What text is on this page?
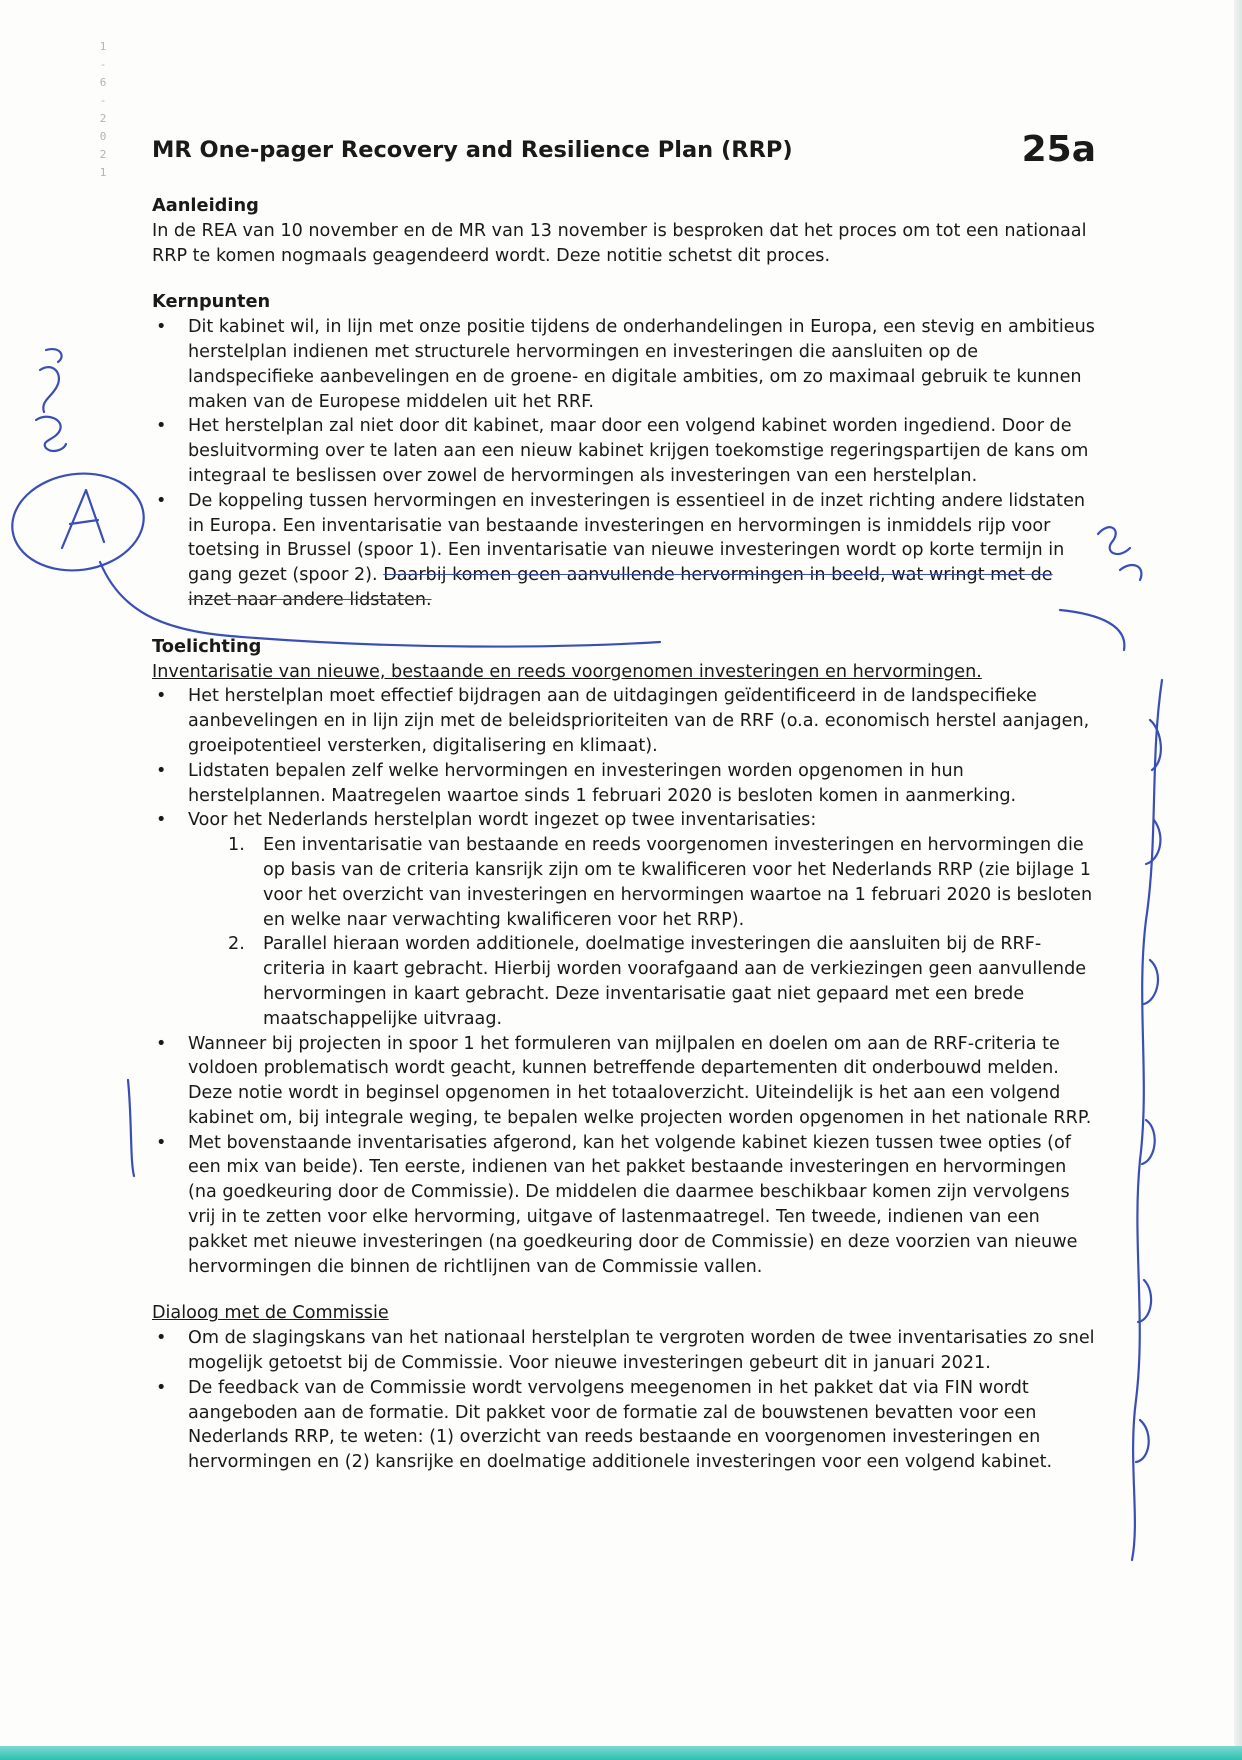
1
-
6
-
2
0
2
1
MR One-pager Recovery and Resilience Plan (RRP)	25a
Aanleiding

In de REA van 10 november en de MR van 13 november is besproken dat het proces om tot een nationaal RRP te komen nogmaals geagendeerd wordt. Deze notitie schetst dit proces.

Kernpunten
• Dit kabinet wil, in lijn met onze positie tijdens de onderhandelingen in Europa, een stevig en ambitieus herstelplan indienen met structurele hervormingen en investeringen die aansluiten op de landspecifieke aanbevelingen en de groene- en digitale ambities, om zo maximaal gebruik te kunnen maken van de Europese middelen uit het RRF.
• Het herstelplan zal niet door dit kabinet, maar door een volgend kabinet worden ingediend. Door de besluitvorming over te laten aan een nieuw kabinet krijgen toekomstige regeringspartijen de kans om integraal te beslissen over zowel de hervormingen als investeringen van een herstelplan.
• De koppeling tussen hervormingen en investeringen is essentieel in de inzet richting andere lidstaten in Europa. Een inventarisatie van bestaande investeringen en hervormingen is inmiddels rijp voor toetsing in Brussel (spoor 1). Een inventarisatie van nieuwe investeringen wordt op korte termijn in gang gezet (spoor 2). Daarbij komen geen aanvullende hervormingen in beeld, wat wringt met de inzet naar andere lidstaten.
Toelichting

Inventarisatie van nieuwe, bestaande en reeds voorgenomen investeringen en hervormingen.

• Het herstelplan moet effectief bijdragen aan de uitdagingen geïdentificeerd in de landspecifieke aanbevelingen en in lijn zijn met de beleidsprioriteiten van de RRF (o.a. economisch herstel aanjagen, groeipotentieel versterken, digitalisering en klimaat).
• Lidstaten bepalen zelf welke hervormingen en investeringen worden opgenomen in hun herstelplannen. Maatregelen waartoe sinds 1 februari 2020 is besloten komen in aanmerking.
• Voor het Nederlands herstelplan wordt ingezet op twee inventarisaties:
1. Een inventarisatie van bestaande en reeds voorgenomen investeringen en hervormingen die op basis van de criteria kansrijk zijn om te kwalificeren voor het Nederlands RRP (zie bijlage 1 voor het overzicht van investeringen en hervormingen waartoe na 1 februari 2020 is besloten en welke naar verwachting kwalificeren voor het RRP).
2. Parallel hieraan worden additionele, doelmatige investeringen die aansluiten bij de RRF-criteria in kaart gebracht. Hierbij worden voorafgaand aan de verkiezingen geen aanvullende hervormingen in kaart gebracht. Deze inventarisatie gaat niet gepaard met een brede maatschappelijke uitvraag.
• Wanneer bij projecten in spoor 1 het formuleren van mijlpalen en doelen om aan de RRF-criteria te voldoen problematisch wordt geacht, kunnen betreffende departementen dit onderbouwd melden. Deze notie wordt in beginsel opgenomen in het totaaloverzicht. Uiteindelijk is het aan een volgend kabinet om, bij integrale weging, te bepalen welke projecten worden opgenomen in het nationale RRP.
• Met bovenstaande inventarisaties afgerond, kan het volgende kabinet kiezen tussen twee opties (of een mix van beide). Ten eerste, indienen van het pakket bestaande investeringen en hervormingen (na goedkeuring door de Commissie). De middelen die daarmee beschikbaar komen zijn vervolgens vrij in te zetten voor elke hervorming, uitgave of lastenmaatregel. Ten tweede, indienen van een pakket met nieuwe investeringen (na goedkeuring door de Commissie) en deze voorzien van nieuwe hervormingen die binnen de richtlijnen van de Commissie vallen.

Dialoog met de Commissie

• Om de slagingskans van het nationaal herstelplan te vergroten worden de twee inventarisaties zo snel mogelijk getoetst bij de Commissie. Voor nieuwe investeringen gebeurt dit in januari 2021.
• De feedback van de Commissie wordt vervolgens meegenomen in het pakket dat via FIN wordt aangeboden aan de formatie. Dit pakket voor de formatie zal de bouwstenen bevatten voor een Nederlands RRP, te weten: (1) overzicht van reeds bestaande en voorgenomen investeringen en hervormingen en (2) kansrijke en doelmatige additionele investeringen voor een volgend kabinet.
